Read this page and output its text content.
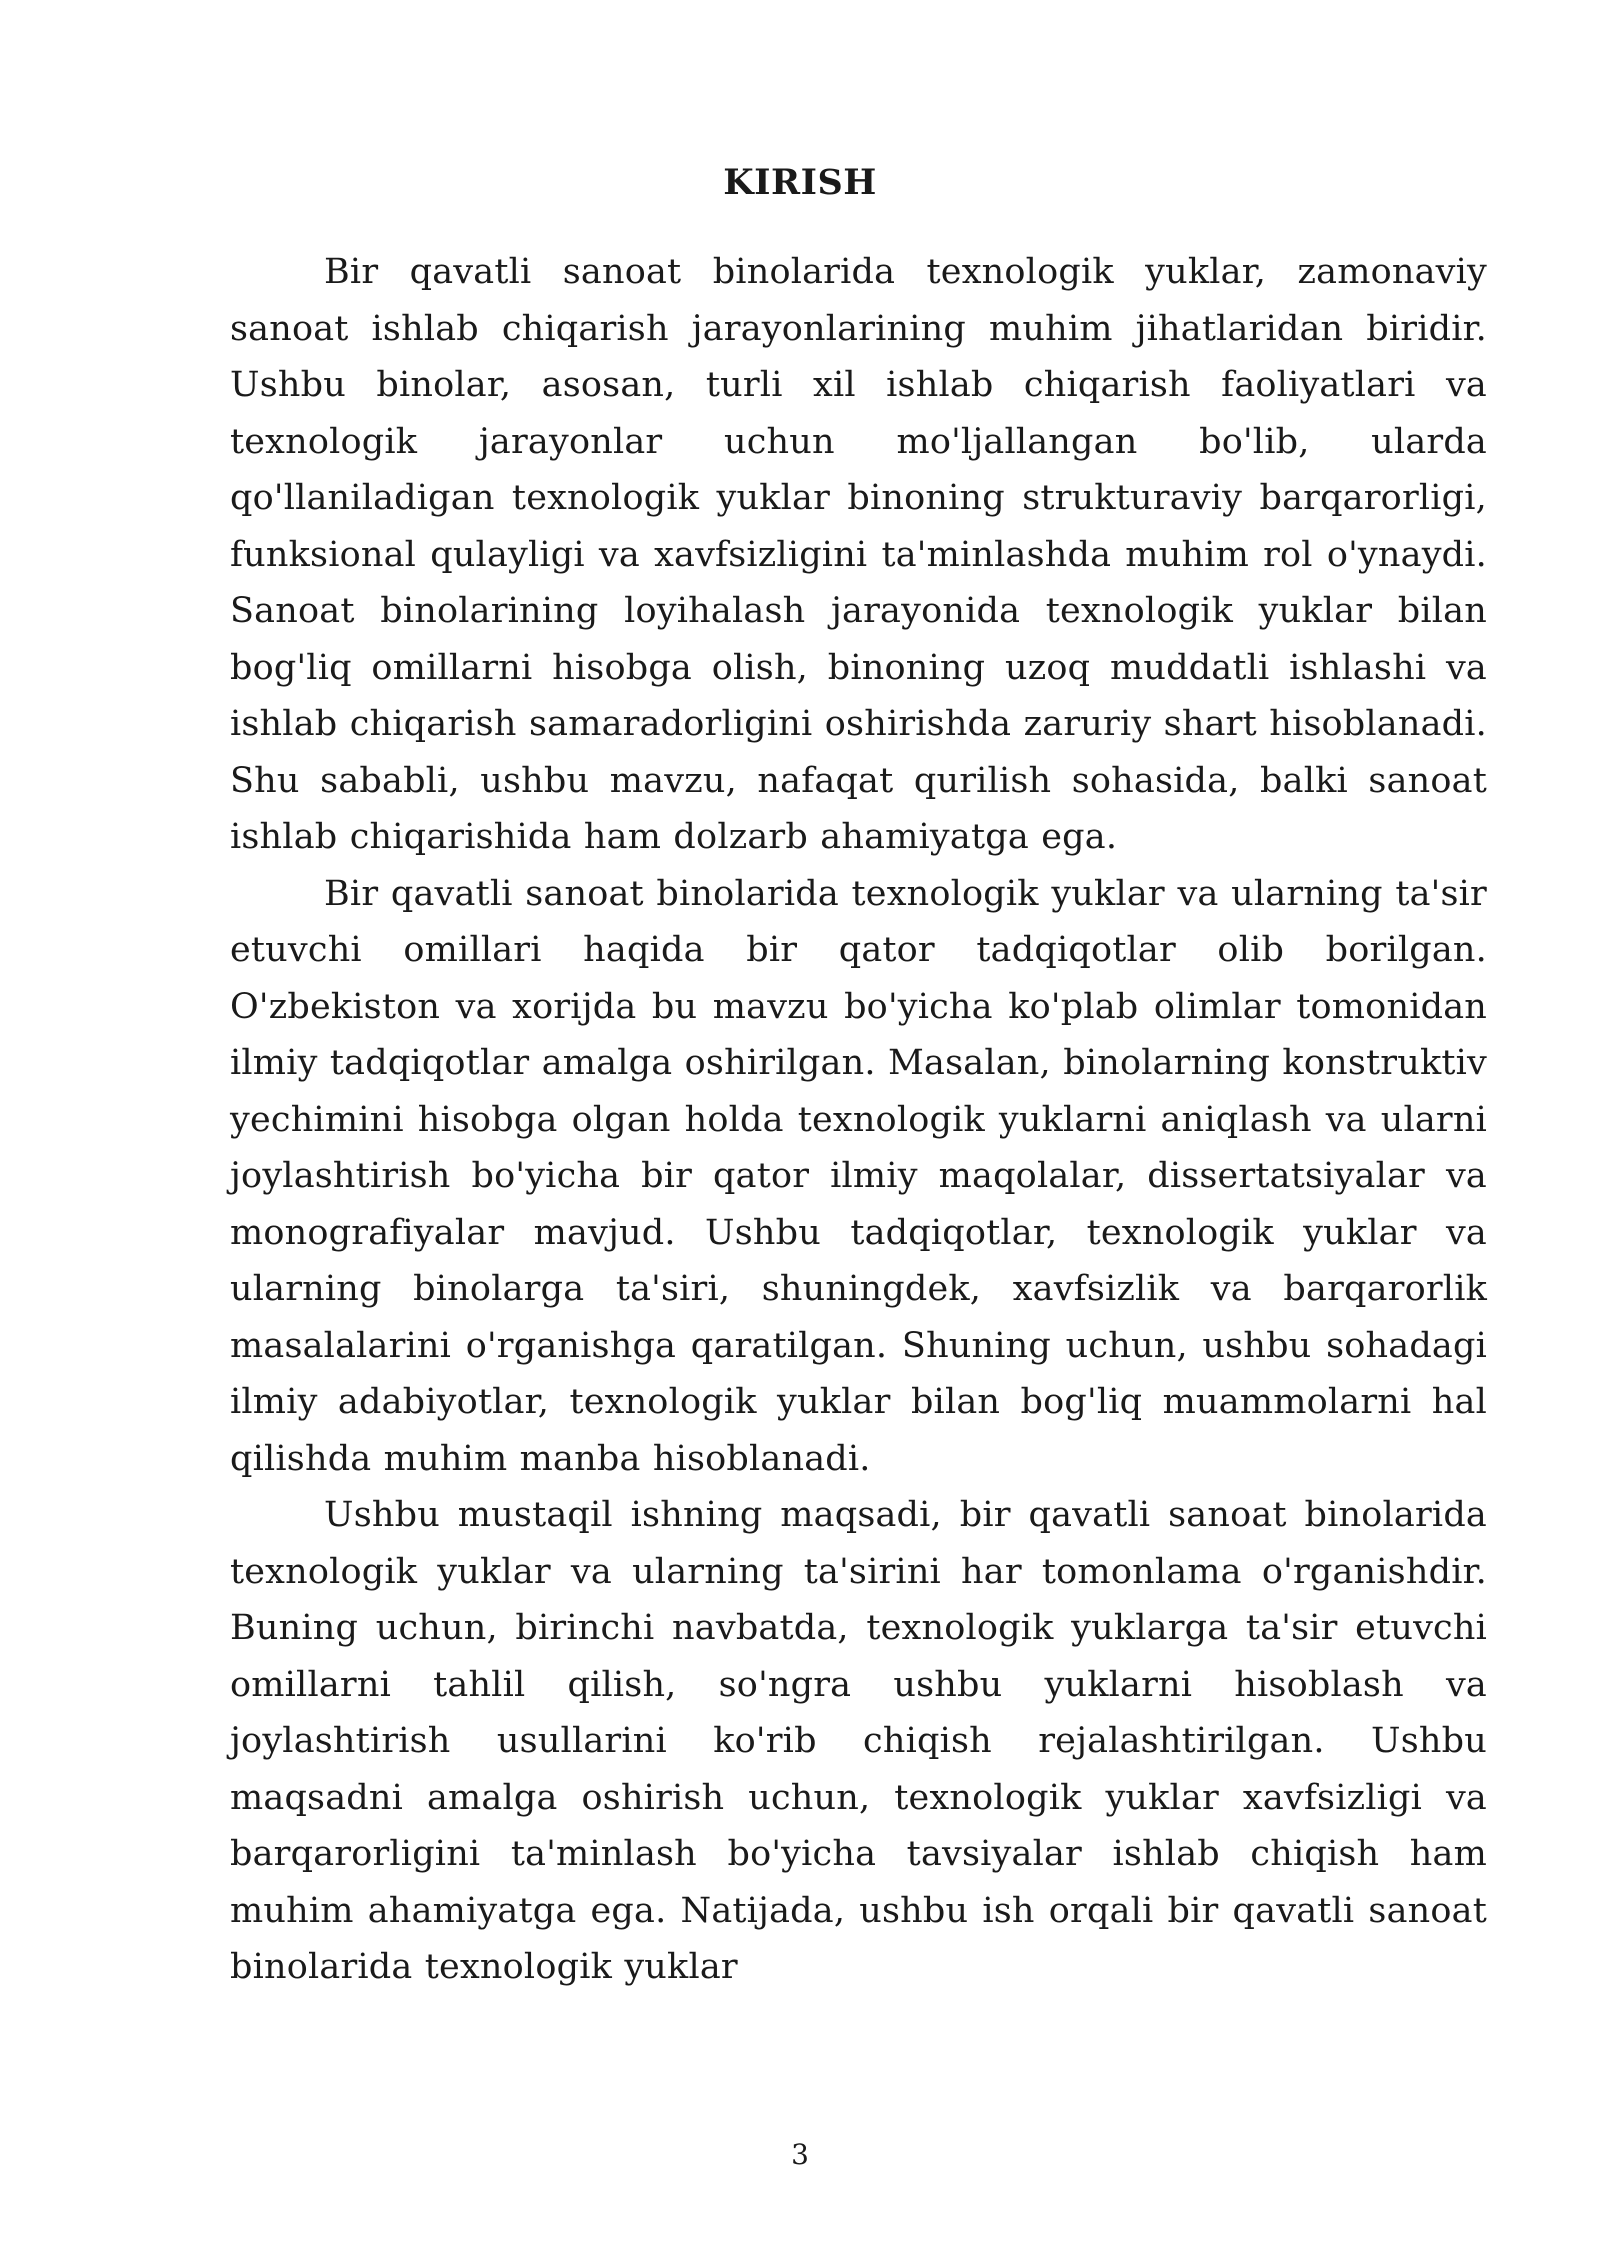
KIRISH

Bir qavatli sanoat binolarida texnologik yuklar, zamonaviy sanoat ishlab chiqarish jarayonlarining muhim jihatlaridan biridir. Ushbu binolar, asosan, turli xil ishlab chiqarish faoliyatlari va texnologik jarayonlar uchun mo'ljallangan bo'lib, ularda qo'llaniladigan texnologik yuklar binoning strukturaviy barqarorligi, funksional qulayligi va xavfsizligini ta'minlashda muhim rol o'ynaydi. Sanoat binolarining loyihalash jarayonida texnologik yuklar bilan bog'liq omillarni hisobga olish, binoning uzoq muddatli ishlashi va ishlab chiqarish samaradorligini oshirishda zaruriy shart hisoblanadi. Shu sababli, ushbu mavzu, nafaqat qurilish sohasida, balki sanoat ishlab chiqarishida ham dolzarb ahamiyatga ega.

Bir qavatli sanoat binolarida texnologik yuklar va ularning ta'sir etuvchi omillari haqida bir qator tadqiqotlar olib borilgan. O'zbekiston va xorijda bu mavzu bo'yicha ko'plab olimlar tomonidan ilmiy tadqiqotlar amalga oshirilgan. Masalan, binolarning konstruktiv yechimini hisobga olgan holda texnologik yuklarni aniqlash va ularni joylashtirish bo'yicha bir qator ilmiy maqolalar, dissertatsiyalar va monografiyalar mavjud. Ushbu tadqiqotlar, texnologik yuklar va ularning binolarga ta'siri, shuningdek, xavfsizlik va barqarorlik masalalarini o'rganishga qaratilgan. Shuning uchun, ushbu sohadagi ilmiy adabiyotlar, texnologik yuklar bilan bog'liq muammolarni hal qilishda muhim manba hisoblanadi.

Ushbu mustaqil ishning maqsadi, bir qavatli sanoat binolarida texnologik yuklar va ularning ta'sirini har tomonlama o'rganishdir. Buning uchun, birinchi navbatda, texnologik yuklarga ta'sir etuvchi omillarni tahlil qilish, so'ngra ushbu yuklarni hisoblash va joylashtirish usullarini ko'rib chiqish rejalashtirilgan. Ushbu maqsadni amalga oshirish uchun, texnologik yuklar xavfsizligi va barqarorligini ta'minlash bo'yicha tavsiyalar ishlab chiqish ham muhim ahamiyatga ega. Natijada, ushbu ish orqali bir qavatli sanoat binolarida texnologik yuklar

3
